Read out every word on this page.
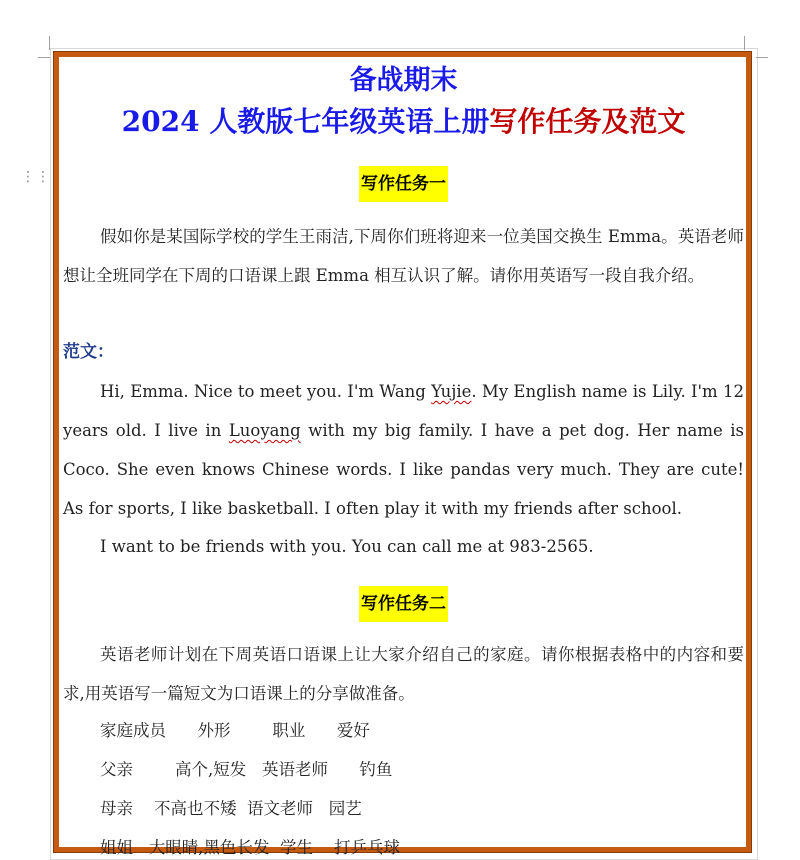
⋮⋮
备战期末
2024 人教版七年级英语上册写作任务及范文
写作任务一
假如你是某国际学校的学生王雨洁,下周你们班将迎来一位美国交换生 Emma。英语老师想让全班同学在下周的口语课上跟 Emma 相互认识了解。请你用英语写一段自我介绍。
范文：
Hi, Emma. Nice to meet you. I'm Wang Yujie. My English name is Lily. I'm 12 years old. I live in Luoyang with my big family. I have a pet dog. Her name is Coco. She even knows Chinese words. I like pandas very much. They are cute! As for sports, I like basketball. I often play it with my friends after school.
I want to be friends with you. You can call me at 983-2565.
写作任务二
英语老师计划在下周英语口语课上让大家介绍自己的家庭。请你根据表格中的内容和要求,用英语写一篇短文为口语课上的分享做准备。
家庭成员      外形        职业      爱好
父亲        高个,短发   英语老师      钓鱼
母亲    不高也不矮  语文老师   园艺
姐姐   大眼睛,黑色长发  学生    打乒乓球
